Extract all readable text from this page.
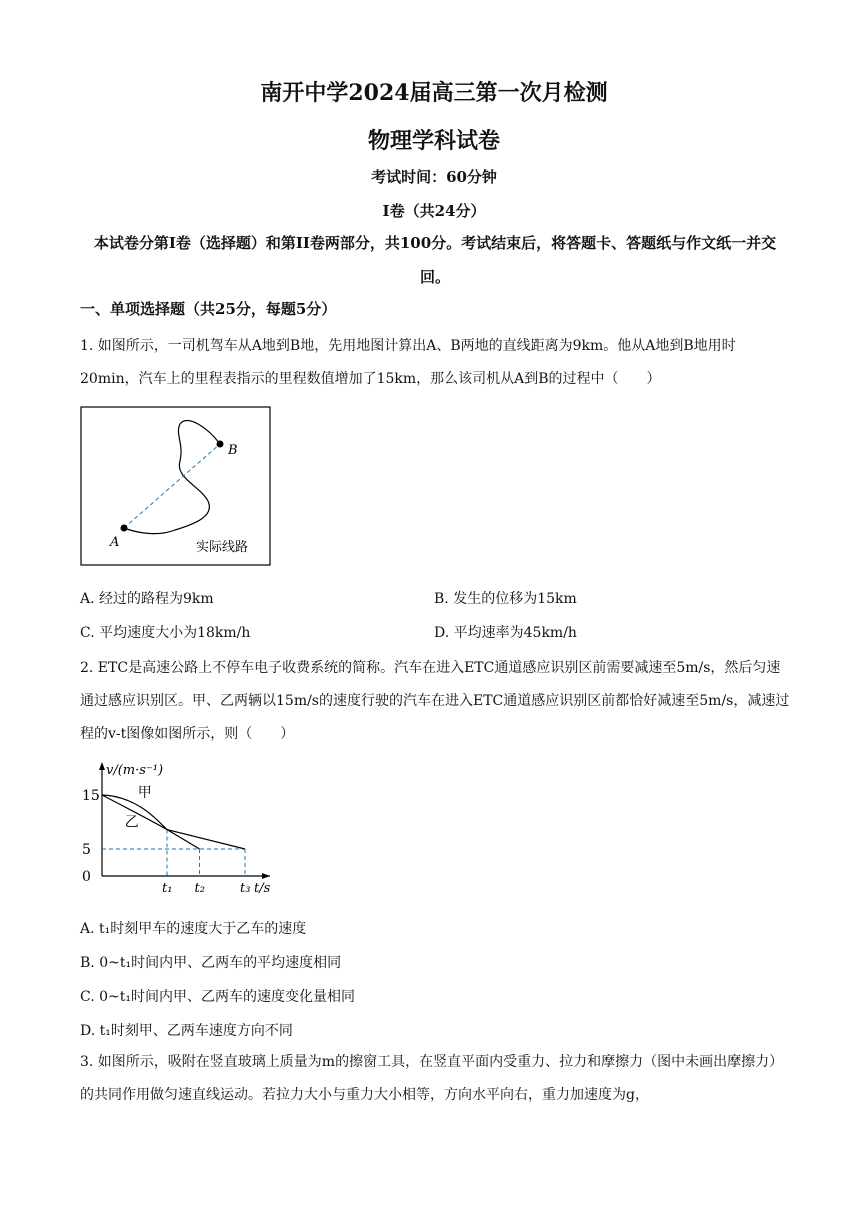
南开中学2024届高三第一次月检测
物理学科试卷
考试时间：60分钟
I卷（共24分）
本试卷分第I卷（选择题）和第II卷两部分，共100分。考试结束后，将答题卡、答题纸与作文纸一并交回。
一、单项选择题（共25分，每题5分）
1. 如图所示，一司机驾车从A地到B地，先用地图计算出A、B两地的直线距离为9km。他从A地到B地用时20min，汽车上的里程表指示的里程数值增加了15km，那么该司机从A到B的过程中（　　）
A
B
实际线路
A. 经过的路程为9km	B. 发生的位移为15km
C. 平均速度大小为18km/h	D. 平均速率为45km/h
2. ETC是高速公路上不停车电子收费系统的简称。汽车在进入ETC通道感应识别区前需要减速至5m/s，然后匀速通过感应识别区。甲、乙两辆以15m/s的速度行驶的汽车在进入ETC通道感应识别区前都恰好减速至5m/s，减速过程的v-t图像如图所示，则（　　）
v/(m·s⁻¹)
t/s
15
5
0
t₁ t₂	t₃
甲
乙
A. t₁时刻甲车的速度大于乙车的速度
B. 0~t₁时间内甲、乙两车的平均速度相同
C. 0~t₁时间内甲、乙两车的速度变化量相同
D. t₁时刻甲、乙两车速度方向不同
3. 如图所示，吸附在竖直玻璃上质量为m的擦窗工具，在竖直平面内受重力、拉力和摩擦力（图中未画出摩擦力）的共同作用做匀速直线运动。若拉力大小与重力大小相等，方向水平向右，重力加速度为g，
